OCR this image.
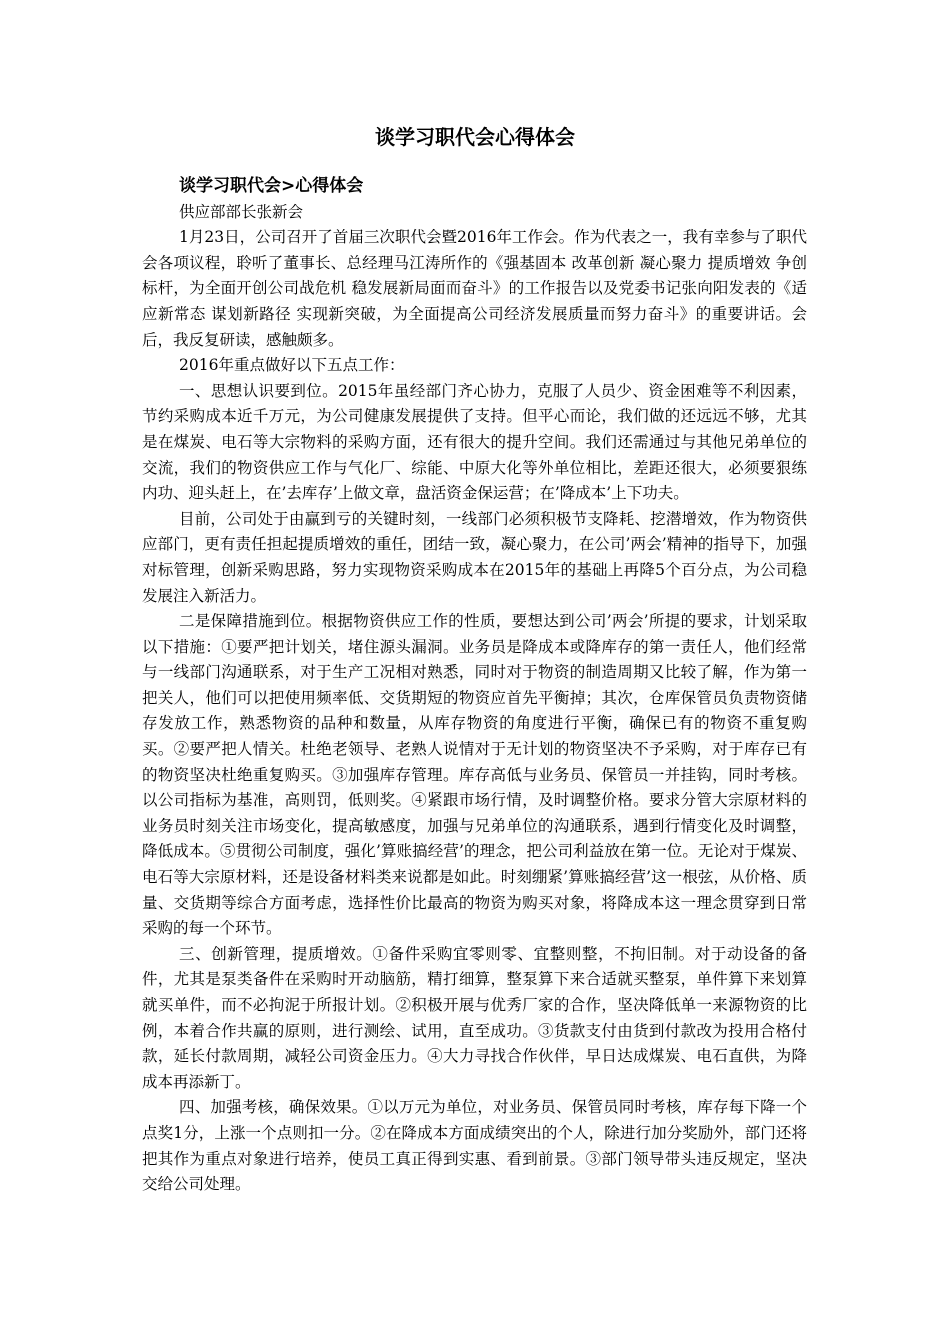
谈学习职代会心得体会

谈学习职代会>心得体会

供应部部长张新会

1月23日，公司召开了首届三次职代会暨2016年工作会。作为代表之一，我有幸参与了职代会各项议程，聆听了董事长、总经理马江涛所作的《强基固本 改革创新 凝心聚力 提质增效 争创标杆，为全面开创公司战危机 稳发展新局面而奋斗》的工作报告以及党委书记张向阳发表的《适应新常态 谋划新路径 实现新突破，为全面提高公司经济发展质量而努力奋斗》的重要讲话。会后，我反复研读，感触颇多。

2016年重点做好以下五点工作：

一、思想认识要到位。2015年虽经部门齐心协力，克服了人员少、资金困难等不利因素，节约采购成本近千万元，为公司健康发展提供了支持。但平心而论，我们做的还远远不够，尤其是在煤炭、电石等大宗物料的采购方面，还有很大的提升空间。我们还需通过与其他兄弟单位的交流，我们的物资供应工作与气化厂、综能、中原大化等外单位相比，差距还很大，必须要狠练内功、迎头赶上，在’去库存’上做文章，盘活资金保运营；在’降成本’上下功夫。

目前，公司处于由赢到亏的关键时刻，一线部门必须积极节支降耗、挖潜增效，作为物资供应部门，更有责任担起提质增效的重任，团结一致，凝心聚力，在公司’两会’精神的指导下，加强对标管理，创新采购思路，努力实现物资采购成本在2015年的基础上再降5个百分点，为公司稳发展注入新活力。

二是保障措施到位。根据物资供应工作的性质，要想达到公司’两会’所提的要求，计划采取以下措施：①要严把计划关，堵住源头漏洞。业务员是降成本或降库存的第一责任人，他们经常与一线部门沟通联系，对于生产工况相对熟悉，同时对于物资的制造周期又比较了解，作为第一把关人，他们可以把使用频率低、交货期短的物资应首先平衡掉；其次，仓库保管员负责物资储存发放工作，熟悉物资的品种和数量，从库存物资的角度进行平衡，确保已有的物资不重复购买。②要严把人情关。杜绝老领导、老熟人说情对于无计划的物资坚决不予采购，对于库存已有的物资坚决杜绝重复购买。③加强库存管理。库存高低与业务员、保管员一并挂钩，同时考核。以公司指标为基准，高则罚，低则奖。④紧跟市场行情，及时调整价格。要求分管大宗原材料的业务员时刻关注市场变化，提高敏感度，加强与兄弟单位的沟通联系，遇到行情变化及时调整，降低成本。⑤贯彻公司制度，强化’算账搞经营’的理念，把公司利益放在第一位。无论对于煤炭、电石等大宗原材料，还是设备材料类来说都是如此。时刻绷紧’算账搞经营’这一根弦，从价格、质量、交货期等综合方面考虑，选择性价比最高的物资为购买对象，将降成本这一理念贯穿到日常采购的每一个环节。

三、创新管理，提质增效。①备件采购宜零则零、宜整则整，不拘旧制。对于动设备的备件，尤其是泵类备件在采购时开动脑筋，精打细算，整泵算下来合适就买整泵，单件算下来划算就买单件，而不必拘泥于所报计划。②积极开展与优秀厂家的合作，坚决降低单一来源物资的比例，本着合作共赢的原则，进行测绘、试用，直至成功。③货款支付由货到付款改为投用合格付款，延长付款周期，减轻公司资金压力。④大力寻找合作伙伴，早日达成煤炭、电石直供，为降成本再添新丁。

四、加强考核，确保效果。①以万元为单位，对业务员、保管员同时考核，库存每下降一个点奖1分，上涨一个点则扣一分。②在降成本方面成绩突出的个人，除进行加分奖励外，部门还将把其作为重点对象进行培养，使员工真正得到实惠、看到前景。③部门领导带头违反规定，坚决交给公司处理。
